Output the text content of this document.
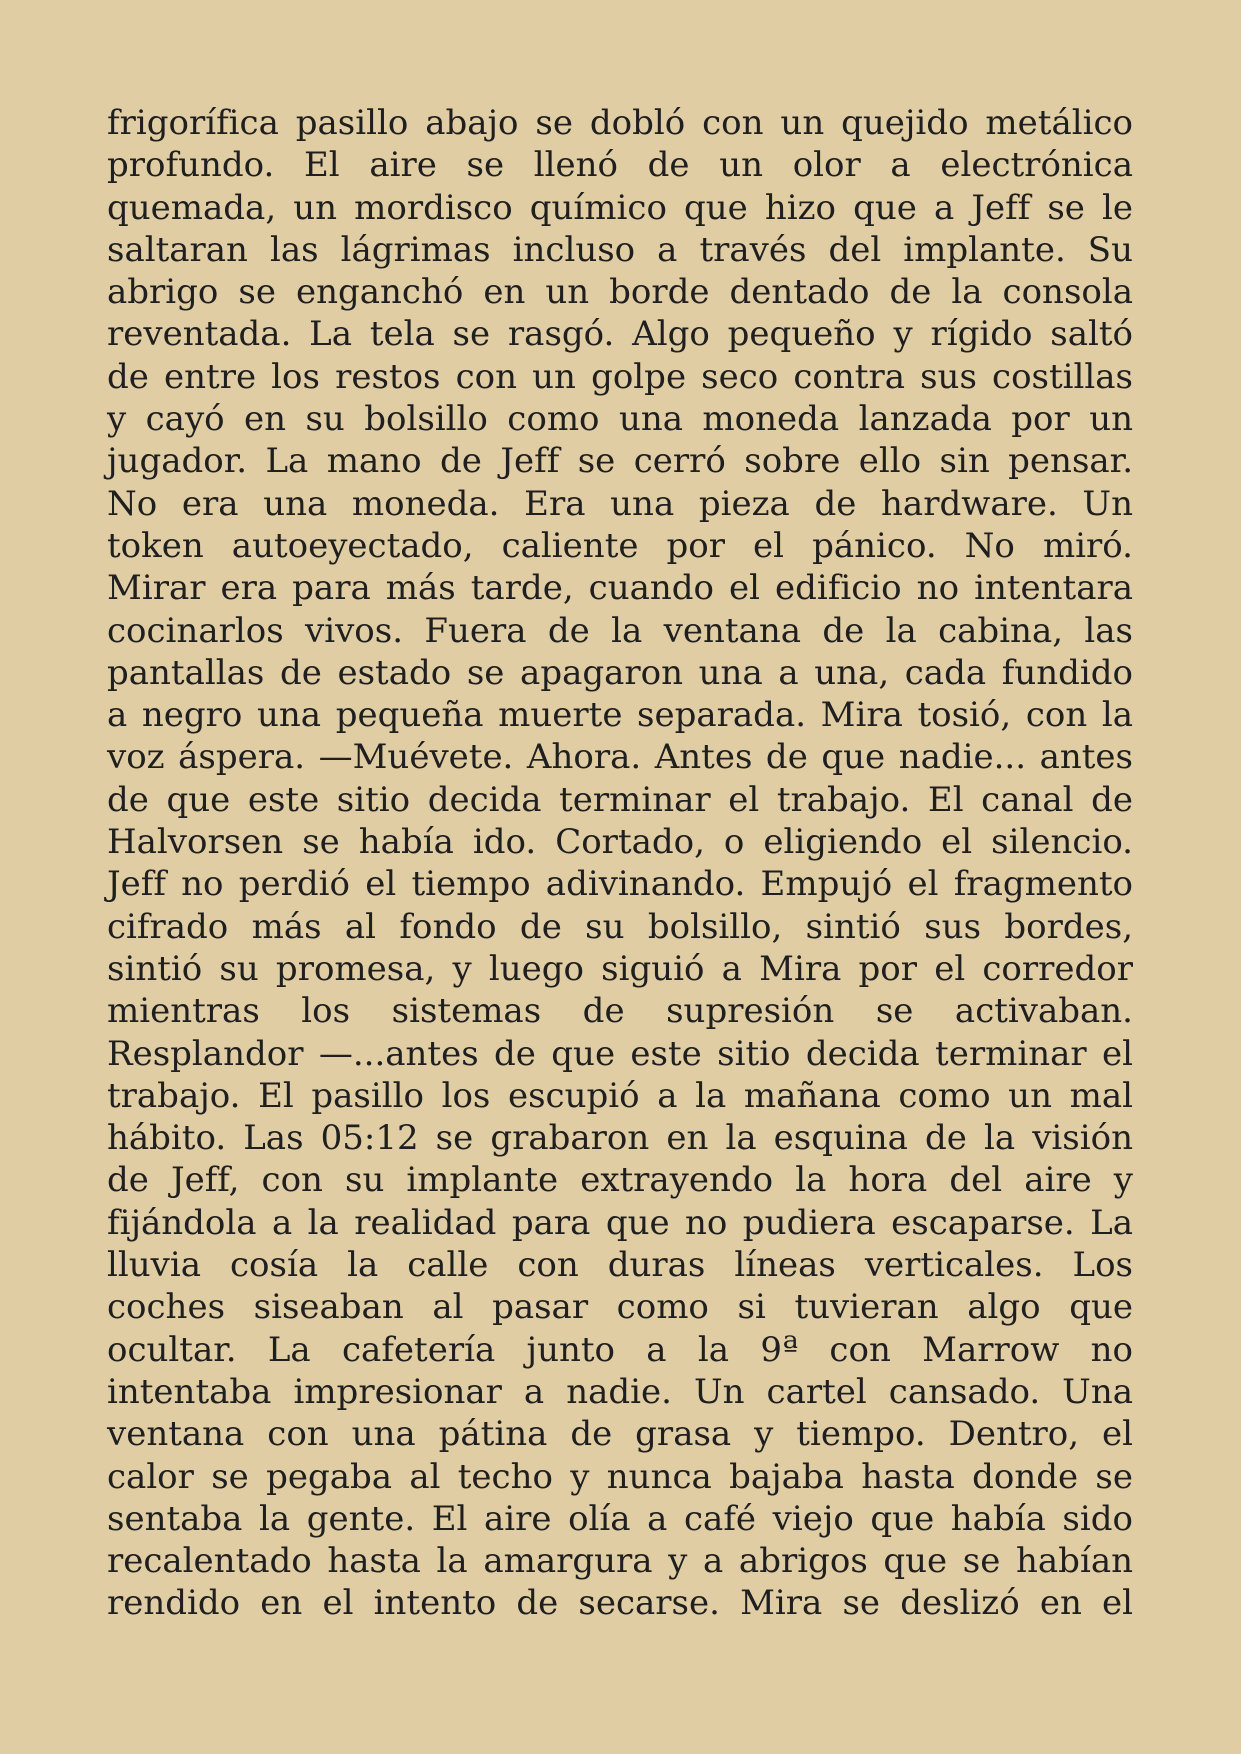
frigorífica pasillo abajo se dobló con un quejido metálico
profundo. El aire se llenó de un olor a electrónica
quemada, un mordisco químico que hizo que a Jeff se le
saltaran las lágrimas incluso a través del implante. Su
abrigo se enganchó en un borde dentado de la consola
reventada. La tela se rasgó. Algo pequeño y rígido saltó
de entre los restos con un golpe seco contra sus costillas
y cayó en su bolsillo como una moneda lanzada por un
jugador. La mano de Jeff se cerró sobre ello sin pensar.
No era una moneda. Era una pieza de hardware. Un
token autoeyectado, caliente por el pánico. No miró.
Mirar era para más tarde, cuando el edificio no intentara
cocinarlos vivos. Fuera de la ventana de la cabina, las
pantallas de estado se apagaron una a una, cada fundido
a negro una pequeña muerte separada. Mira tosió, con la
voz áspera. —Muévete. Ahora. Antes de que nadie... antes
de que este sitio decida terminar el trabajo. El canal de
Halvorsen se había ido. Cortado, o eligiendo el silencio.
Jeff no perdió el tiempo adivinando. Empujó el fragmento
cifrado más al fondo de su bolsillo, sintió sus bordes,
sintió su promesa, y luego siguió a Mira por el corredor
mientras los sistemas de supresión se activaban.
Resplandor —...antes de que este sitio decida terminar el
trabajo. El pasillo los escupió a la mañana como un mal
hábito. Las 05:12 se grabaron en la esquina de la visión
de Jeff, con su implante extrayendo la hora del aire y
fijándola a la realidad para que no pudiera escaparse. La
lluvia cosía la calle con duras líneas verticales. Los
coches siseaban al pasar como si tuvieran algo que
ocultar. La cafetería junto a la 9ª con Marrow no
intentaba impresionar a nadie. Un cartel cansado. Una
ventana con una pátina de grasa y tiempo. Dentro, el
calor se pegaba al techo y nunca bajaba hasta donde se
sentaba la gente. El aire olía a café viejo que había sido
recalentado hasta la amargura y a abrigos que se habían
rendido en el intento de secarse. Mira se deslizó en el
